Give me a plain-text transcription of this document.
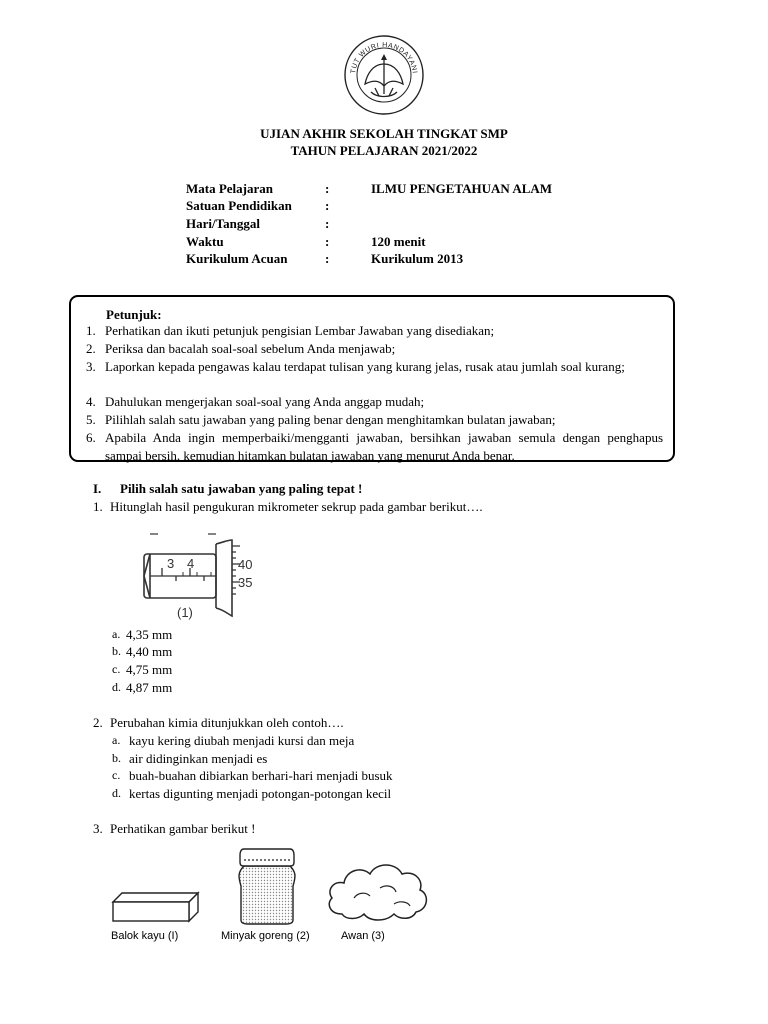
TUT WURI HANDAYANI
UJIAN AKHIR SEKOLAH TINGKAT SMP
TAHUN PELAJARAN 2021/2022
Mata Pelajaran	:	ILMU PENGETAHUAN ALAM
Satuan Pendidikan	:
Hari/Tanggal	:
Waktu	:	120 menit
Kurikulum Acuan	:	Kurikulum 2013
Petunjuk:
1. Perhatikan dan ikuti petunjuk pengisian Lembar Jawaban yang disediakan;
2. Periksa dan bacalah soal-soal sebelum Anda menjawab;
3. Laporkan kepada pengawas kalau terdapat tulisan yang kurang jelas, rusak atau jumlah soal kurang;
4. Dahulukan mengerjakan soal-soal yang Anda anggap mudah;
5. Pilihlah salah satu jawaban yang paling benar dengan menghitamkan bulatan jawaban;
6. Apabila Anda ingin memperbaiki/mengganti jawaban, bersihkan jawaban semula dengan penghapus sampai bersih, kemudian hitamkan bulatan jawaban yang menurut Anda benar.
I. Pilih salah satu jawaban yang paling tepat !
1. Hitunglah hasil pengukuran mikrometer sekrup pada gambar berikut….
3 4	40
35
(1)
a. 4,35 mm
b. 4,40 mm
c. 4,75 mm
d. 4,87 mm
2. Perubahan kimia ditunjukkan oleh contoh….
a. kayu kering diubah menjadi kursi dan meja
b. air didinginkan menjadi es
c. buah-buahan dibiarkan berhari-hari menjadi busuk
d. kertas digunting menjadi potongan-potongan kecil
3. Perhatikan gambar berikut !
Balok kayu (I)	Minyak goreng (2)	Awan (3)
